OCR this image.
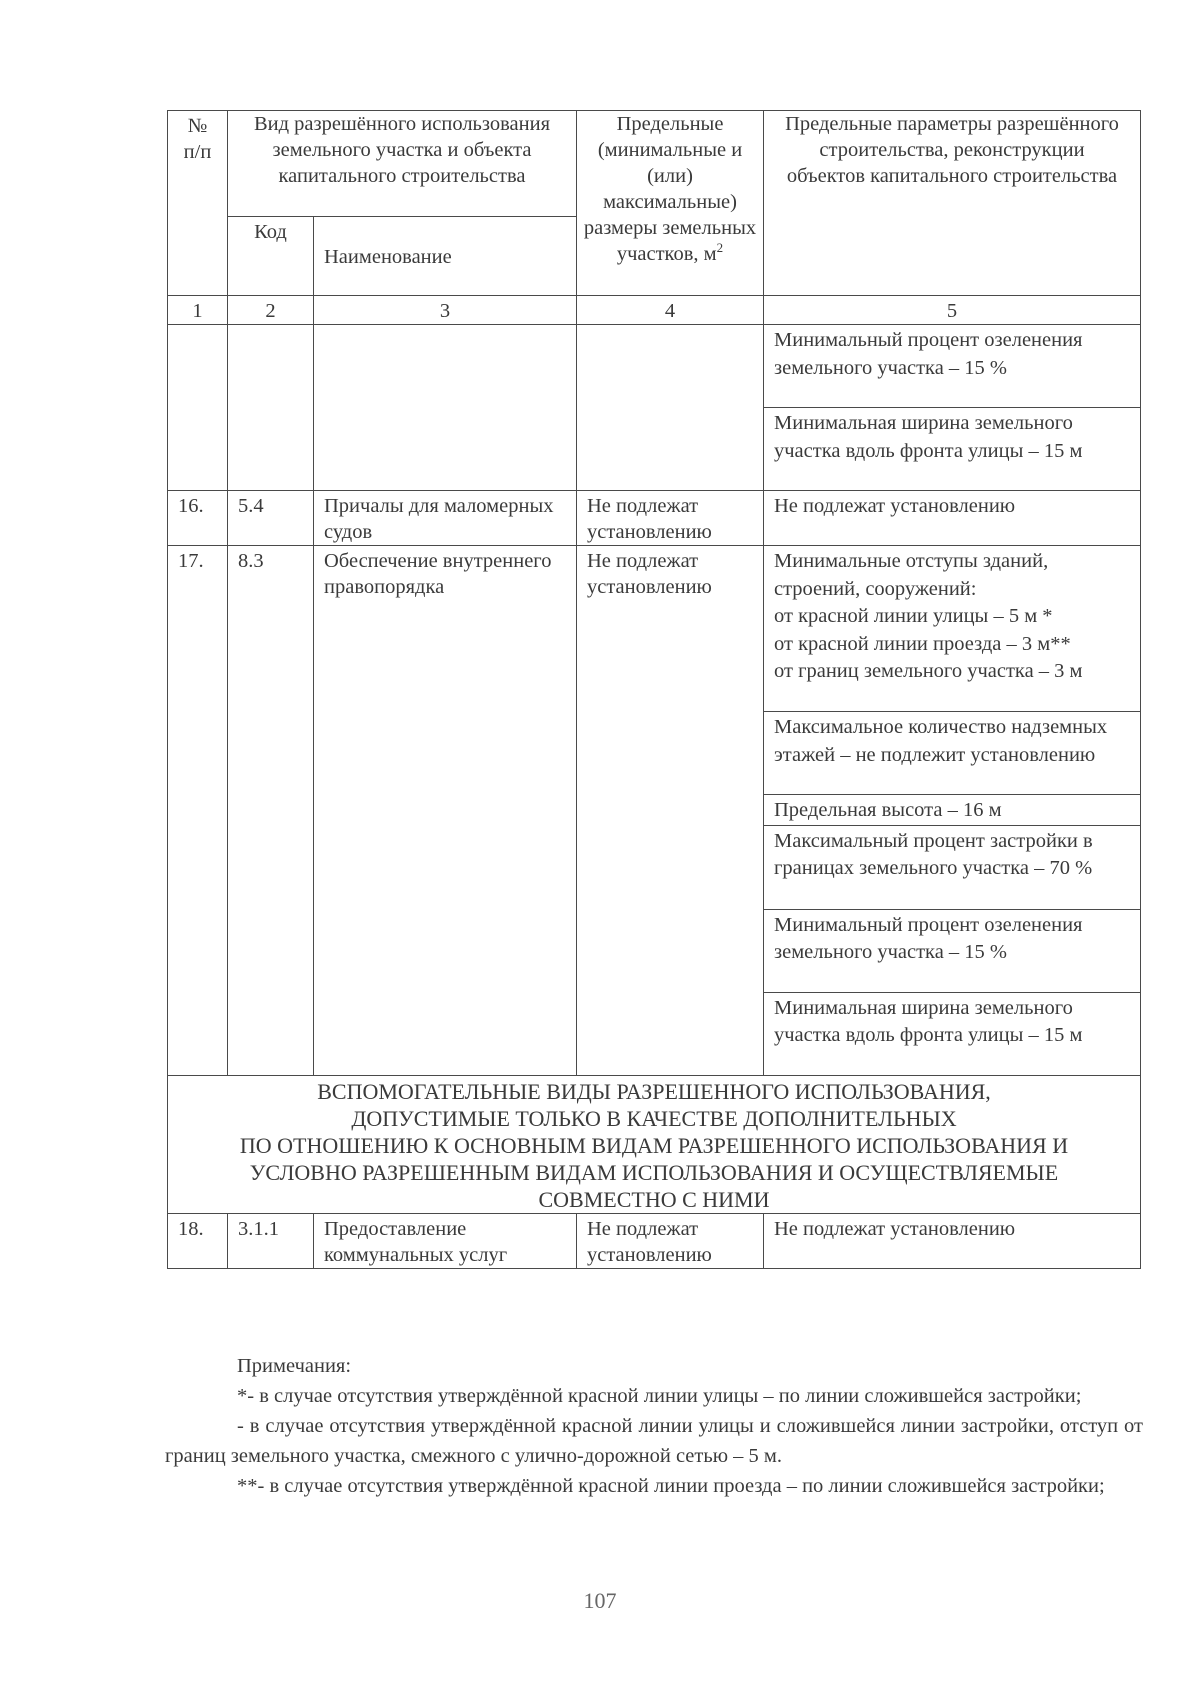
№ п/п	Вид разрешённого использования земельного участка и объекта капитального строительства		Предельные (минимальные и (или) максимальные) размеры земельных участков, $м^2$	Предельные параметры разрешённого строительства, реконструкции объектов капитального строительства
	Код	Наименование		
1	2	3	4	5
				Минимальный процент озеленения земельного участка – 15 %
				Минимальная ширина земельного участка вдоль фронта улицы – 15 м
16.	5.4	Причалы для маломерных судов	Не подлежат установлению	Не подлежат установлению
17.	8.3	Обеспечение внутреннего правопорядка	Не подлежат установлению	Минимальные отступы зданий, строений, сооружений:
от красной линии улицы – 5 м *
от красной линии проезда – 3 м**
от границ земельного участка – 3 м

				Максимальное количество надземных этажей – не подлежит установлению
				Предельная высота – 16 м
				Максимальный процент застройки в границах земельного участка – 70 %
				Минимальный процент озеленения земельного участка – 15 %
				Минимальная ширина земельного участка вдоль фронта улицы – 15 м

ВСПОМОГАТЕЛЬНЫЕ ВИДЫ РАЗРЕШЕННОГО ИСПОЛЬЗОВАНИЯ,
ДОПУСТИМЫЕ ТОЛЬКО В КАЧЕСТВЕ ДОПОЛНИТЕЛЬНЫХ
ПО ОТНОШЕНИЮ К ОСНОВНЫМ ВИДАМ РАЗРЕШЕННОГО ИСПОЛЬЗОВАНИЯ И
УСЛОВНО РАЗРЕШЕННЫМ ВИДАМ ИСПОЛЬЗОВАНИЯ И ОСУЩЕСТВЛЯЕМЫЕ
СОВМЕСТНО С НИМИ				

18.	3.1.1	Предоставление коммунальных услуг	Не подлежат установлению	Не подлежат установлению

Примечания:

*- в случае отсутствия утверждённой красной линии улицы – по линии сложившейся застройки;

- в случае отсутствия утверждённой красной линии улицы и сложившейся линии застройки, отступ от границ земельного участка, смежного с улично-дорожной сетью – 5 м.

**- в случае отсутствия утверждённой красной линии проезда – по линии сложившейся застройки;

107
